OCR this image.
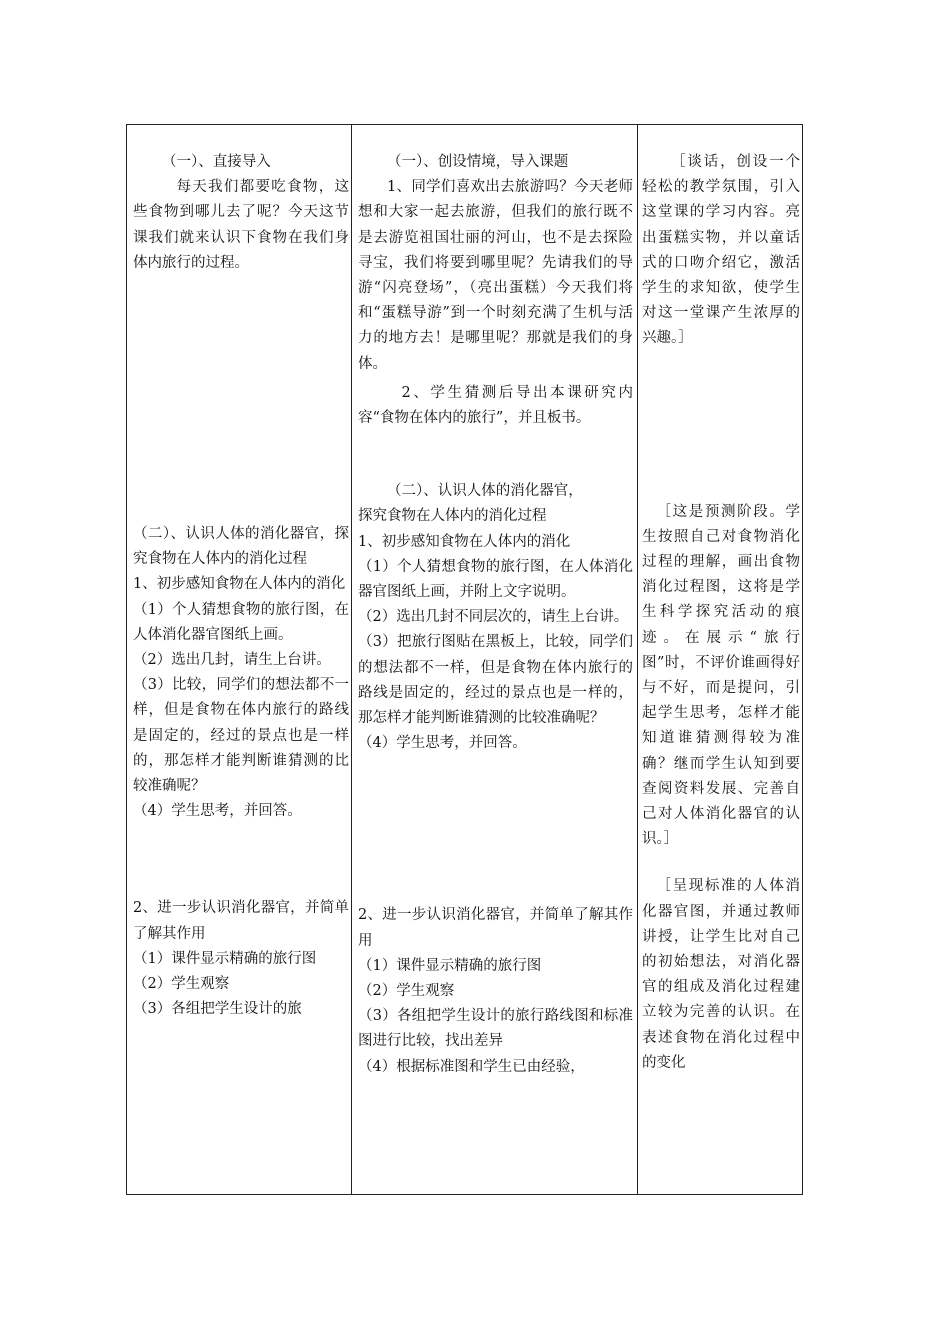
（一）、直接导入

每天我们都要吃食物，这些食物到哪儿去了呢？今天这节课我们就来认识下食物在我们身体内旅行的过程。

（二）、认识人体的消化器官，探究食物在人体内的消化过程

1、初步感知食物在人体内的消化

（1）个人猜想食物的旅行图，在人体消化器官图纸上画。

（2）选出几封，请生上台讲。

（3）比较，同学们的想法都不一样，但是食物在体内旅行的路线是固定的，经过的景点也是一样的，那怎样才能判断谁猜测的比较准确呢？

（4）学生思考，并回答。

2、进一步认识消化器官，并简单了解其作用

（1）课件显示精确的旅行图

（2）学生观察

（3）各组把学生设计的旅

（一）、创设情境，导入课题

1、同学们喜欢出去旅游吗？今天老师想和大家一起去旅游，但我们的旅行既不是去游览祖国壮丽的河山，也不是去探险寻宝，我们将要到哪里呢？先请我们的导游“闪亮登场”，（亮出蛋糕）今天我们将和“蛋糕导游”到一个时刻充满了生机与活力的地方去！是哪里呢？那就是我们的身体。

2、学生猜测后导出本课研究内容“食物在体内的旅行”，并且板书。

（二）、认识人体的消化器官，

探究食物在人体内的消化过程

1、初步感知食物在人体内的消化

（1）个人猜想食物的旅行图，在人体消化器官图纸上画，并附上文字说明。

（2）选出几封不同层次的，请生上台讲。

（3）把旅行图贴在黑板上，比较，同学们的想法都不一样，但是食物在体内旅行的路线是固定的，经过的景点也是一样的，那怎样才能判断谁猜测的比较准确呢？

（4）学生思考，并回答。

2、进一步认识消化器官，并简单了解其作用

（1）课件显示精确的旅行图

（2）学生观察

（3）各组把学生设计的旅行路线图和标准图进行比较，找出差异

（4）根据标准图和学生已由经验，

［谈话，创设一个轻松的教学氛围，引入这堂课的学习内容。亮出蛋糕实物，并以童话式的口吻介绍它，激活学生的求知欲，使学生对这一堂课产生浓厚的兴趣。］

［这是预测阶段。学生按照自己对食物消化过程的理解，画出食物消化过程图，这将是学生科学探究活动的痕迹。在展示“旅行图”时，不评价谁画得好与不好，而是提问，引起学生思考，怎样才能知道谁猜测得较为准确？继而学生认知到要查阅资料发展、完善自己对人体消化器官的认识。］

［呈现标准的人体消化器官图，并通过教师讲授，让学生比对自己的初始想法，对消化器官的组成及消化过程建立较为完善的认识。在表述食物在消化过程中的变化
